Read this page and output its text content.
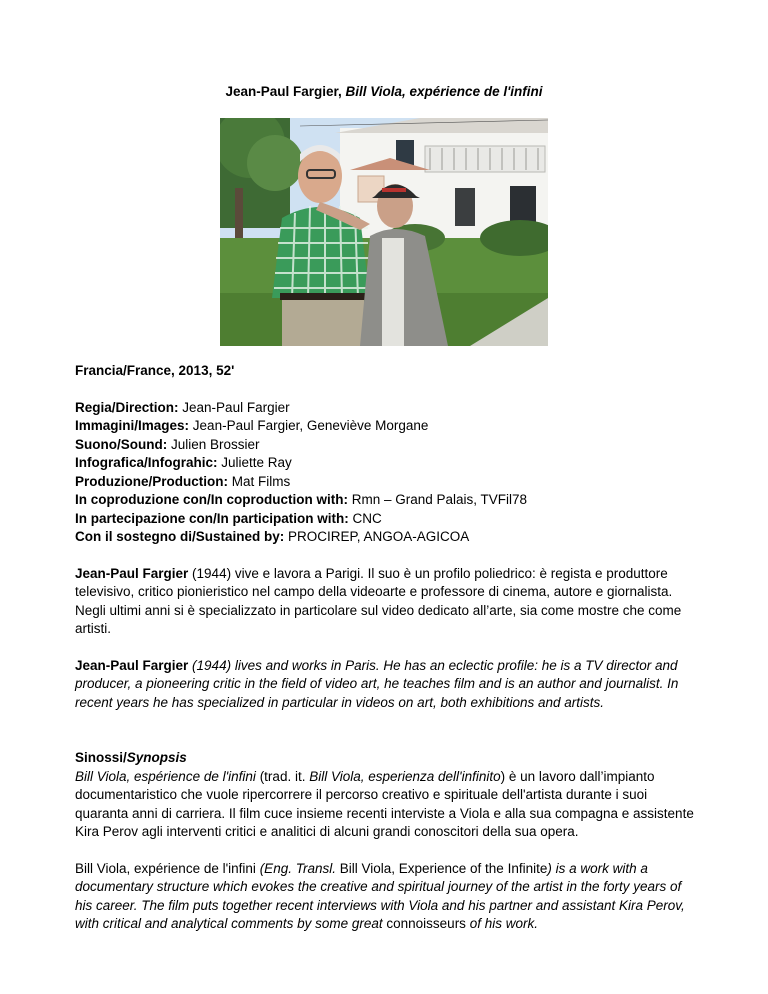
Jean-Paul Fargier, Bill Viola, expérience de l'infini

Francia/France, 2013, 52'

Regia/Direction: Jean-Paul Fargier

Immagini/Images: Jean-Paul Fargier, Geneviève Morgane

Suono/Sound: Julien Brossier

Infografica/Infograhic: Juliette Ray

Produzione/Production: Mat Films

In coproduzione con/In coproduction with: Rmn – Grand Palais, TVFil78

In partecipazione con/In participation with: CNC

Con il sostegno di/Sustained by: PROCIREP, ANGOA-AGICOA

Jean-Paul Fargier (1944) vive e lavora a Parigi. Il suo è un profilo poliedrico: è regista e produttore televisivo, critico pionieristico nel campo della videoarte e professore di cinema, autore e giornalista. Negli ultimi anni si è specializzato in particolare sul video dedicato all’arte, sia come mostre che come artisti.

Jean-Paul Fargier (1944) lives and works in Paris. He has an eclectic profile: he is a TV director and producer, a pioneering critic in the field of video art, he teaches film and is an author and journalist. In recent years he has specialized in particular in videos on art, both exhibitions and artists.

Sinossi/Synopsis

Bill Viola, espérience de l'infini (trad. it. Bill Viola, esperienza dell'infinito) è un lavoro dall’impianto documentaristico che vuole ripercorrere il percorso creativo e spirituale dell'artista durante i suoi quaranta anni di carriera. Il film cuce insieme recenti interviste a Viola e alla sua compagna e assistente Kira Perov agli interventi critici e analitici di alcuni grandi conoscitori della sua opera.

Bill Viola, expérience de l'infini (Eng. Transl. Bill Viola, Experience of the Infinite) is a work with a documentary structure which evokes the creative and spiritual journey of the artist in the forty years of his career. The film puts together recent interviews with Viola and his partner and assistant Kira Perov, with critical and analytical comments by some great connoisseurs of his work.
